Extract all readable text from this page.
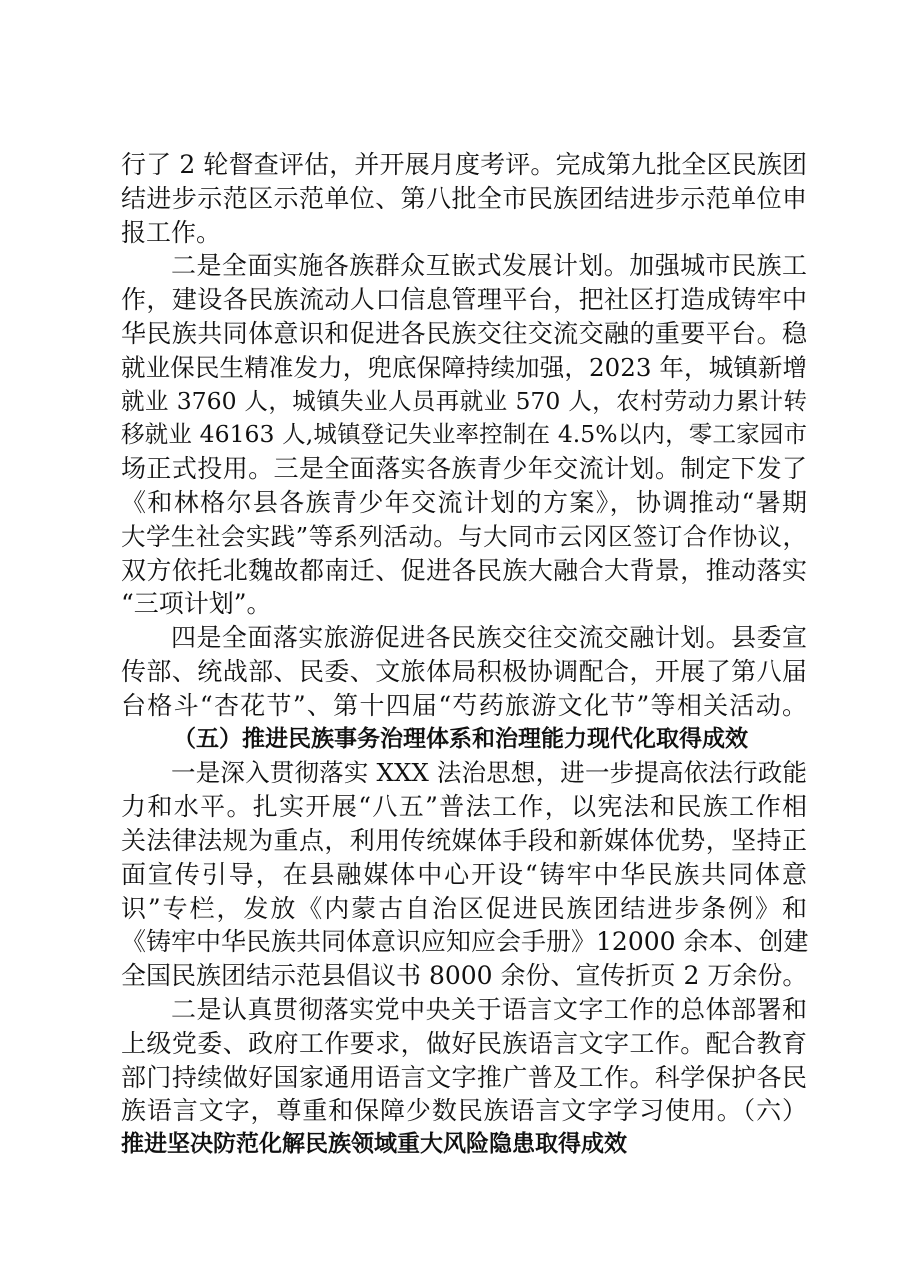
行了 2 轮督查评估，并开展月度考评。完成第九批全区民族团
结进步示范区示范单位、第八批全市民族团结进步示范单位申
报工作。
二是全面实施各族群众互嵌式发展计划。加强城市民族工
作，建设各民族流动人口信息管理平台，把社区打造成铸牢中
华民族共同体意识和促进各民族交往交流交融的重要平台。稳
就业保民生精准发力，兜底保障持续加强，2023 年，城镇新增
就业 3760 人，城镇失业人员再就业 570 人，农村劳动力累计转
移就业 46163 人,城镇登记失业率控制在 4.5%以内，零工家园市
场正式投用。三是全面落实各族青少年交流计划。制定下发了
《和林格尔县各族青少年交流计划的方案》，协调推动“暑期
大学生社会实践”等系列活动。与大同市云冈区签订合作协议，
双方依托北魏故都南迁、促进各民族大融合大背景，推动落实
“三项计划”。
四是全面落实旅游促进各民族交往交流交融计划。县委宣
传部、统战部、民委、文旅体局积极协调配合，开展了第八届
台格斗“杏花节”、第十四届“芍药旅游文化节”等相关活动。
（五）推进民族事务治理体系和治理能力现代化取得成效
一是深入贯彻落实 XXX 法治思想，进一步提高依法行政能
力和水平。扎实开展“八五”普法工作，以宪法和民族工作相
关法律法规为重点，利用传统媒体手段和新媒体优势，坚持正
面宣传引导，在县融媒体中心开设“铸牢中华民族共同体意
识”专栏，发放《内蒙古自治区促进民族团结进步条例》和
《铸牢中华民族共同体意识应知应会手册》12000 余本、创建
全国民族团结示范县倡议书 8000 余份、宣传折页 2 万余份。
二是认真贯彻落实党中央关于语言文字工作的总体部署和
上级党委、政府工作要求，做好民族语言文字工作。配合教育
部门持续做好国家通用语言文字推广普及工作。科学保护各民
族语言文字，尊重和保障少数民族语言文字学习使用。（六）
推进坚决防范化解民族领域重大风险隐患取得成效
